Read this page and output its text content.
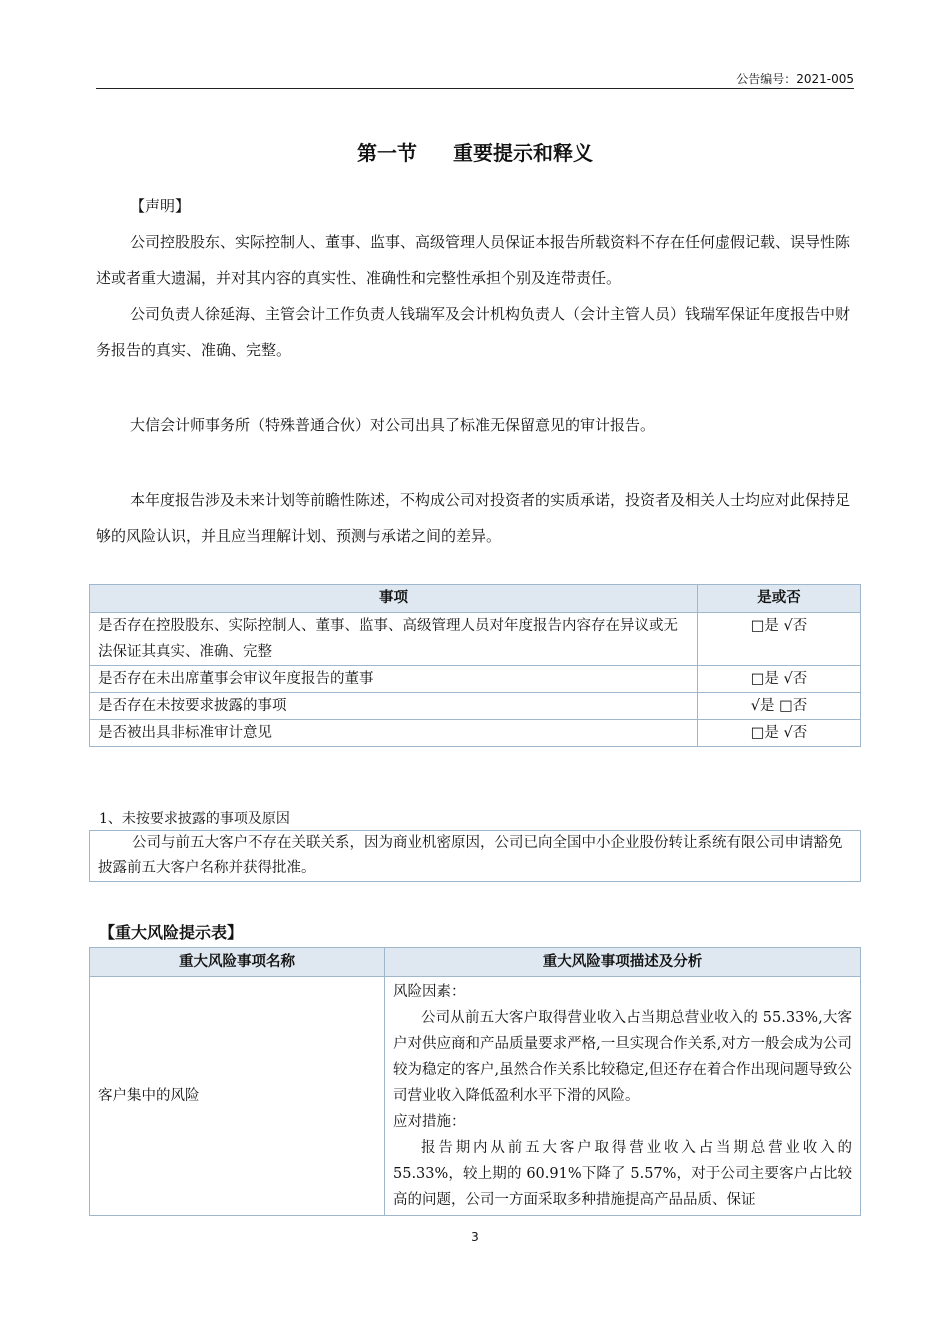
公告编号：2021-005
第一节 重要提示和释义
【声明】
公司控股股东、实际控制人、董事、监事、高级管理人员保证本报告所载资料不存在任何虚假记载、误导性陈述或者重大遗漏，并对其内容的真实性、准确性和完整性承担个别及连带责任。
公司负责人徐延海、主管会计工作负责人钱瑞军及会计机构负责人（会计主管人员）钱瑞军保证年度报告中财务报告的真实、准确、完整。
大信会计师事务所（特殊普通合伙）对公司出具了标准无保留意见的审计报告。
本年度报告涉及未来计划等前瞻性陈述，不构成公司对投资者的实质承诺，投资者及相关人士均应对此保持足够的风险认识，并且应当理解计划、预测与承诺之间的差异。
事项	是或否
是否存在控股股东、实际控制人、董事、监事、高级管理人员对年度报告内容存在异议或无法保证其真实、准确、完整	□是 √否
是否存在未出席董事会审议年度报告的董事	□是 √否
是否存在未按要求披露的事项	√是 □否
是否被出具非标准审计意见	□是 √否
1、未按要求披露的事项及原因
公司与前五大客户不存在关联关系，因为商业机密原因，公司已向全国中小企业股份转让系统有限公司申请豁免披露前五大客户名称并获得批准。
【重大风险提示表】
重大风险事项名称	重大风险事项描述及分析
客户集中的风险	风险因素：
公司从前五大客户取得营业收入占当期总营业收入的 55.33%,大客户对供应商和产品质量要求严格,一旦实现合作关系,对方一般会成为公司较为稳定的客户,虽然合作关系比较稳定,但还存在着合作出现问题导致公司营业收入降低盈利水平下滑的风险。
应对措施：
报告期内从前五大客户取得营业收入占当期总营业收入的55.33%，较上期的 60.91%下降了 5.57%，对于公司主要客户占比较高的问题，公司一方面采取多种措施提高产品品质、保证
3
